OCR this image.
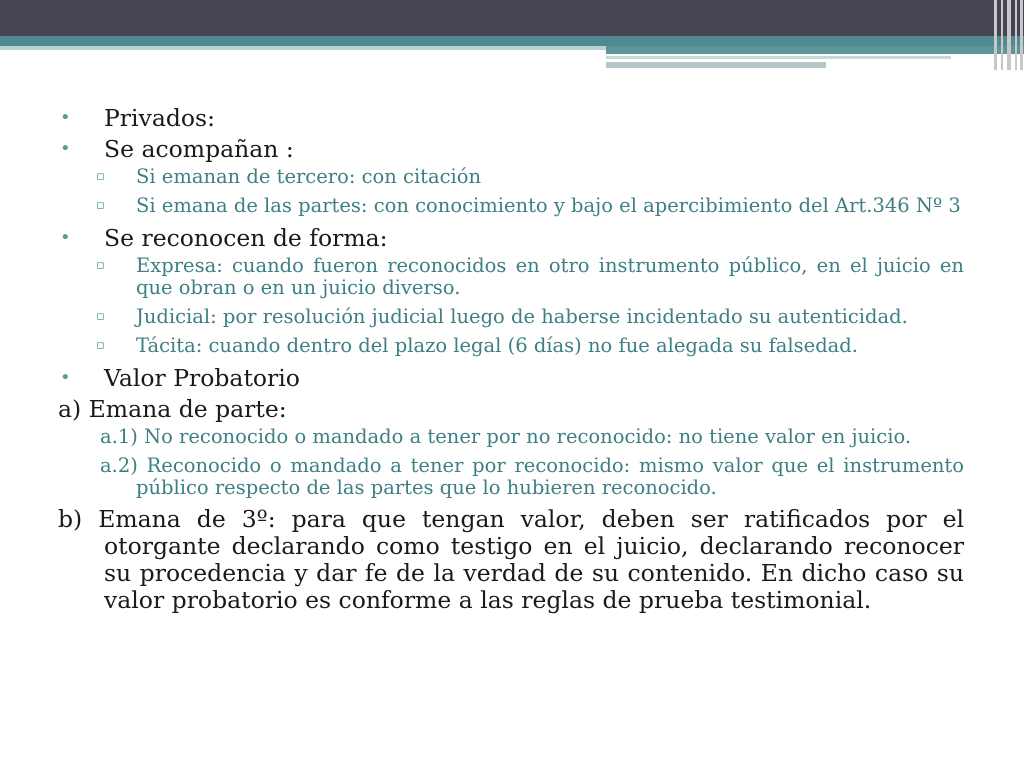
• Privados:
• Se acompañan :
▫ Si emanan de tercero: con citación
▫ Si emana de las partes: con conocimiento y bajo el apercibimiento del Art.346 Nº 3
• Se reconocen de forma:
▫ Expresa: cuando fueron reconocidos en otro instrumento público, en el juicio en que obran o en un juicio diverso.
▫ Judicial: por resolución judicial luego de haberse incidentado su autenticidad.
▫ Tácita: cuando dentro del plazo legal (6 días) no fue alegada su falsedad.
• Valor Probatorio
a) Emana de parte:
a.1) No reconocido o mandado a tener por no reconocido: no tiene valor en juicio.
a.2) Reconocido o mandado a tener por reconocido: mismo valor que el instrumento público respecto de las partes que lo hubieren reconocido.
b) Emana de 3º: para que tengan valor, deben ser ratificados por el otorgante declarando como testigo en el juicio, declarando reconocer su procedencia y dar fe de la verdad de su contenido. En dicho caso su valor probatorio es conforme a las reglas de prueba testimonial.
